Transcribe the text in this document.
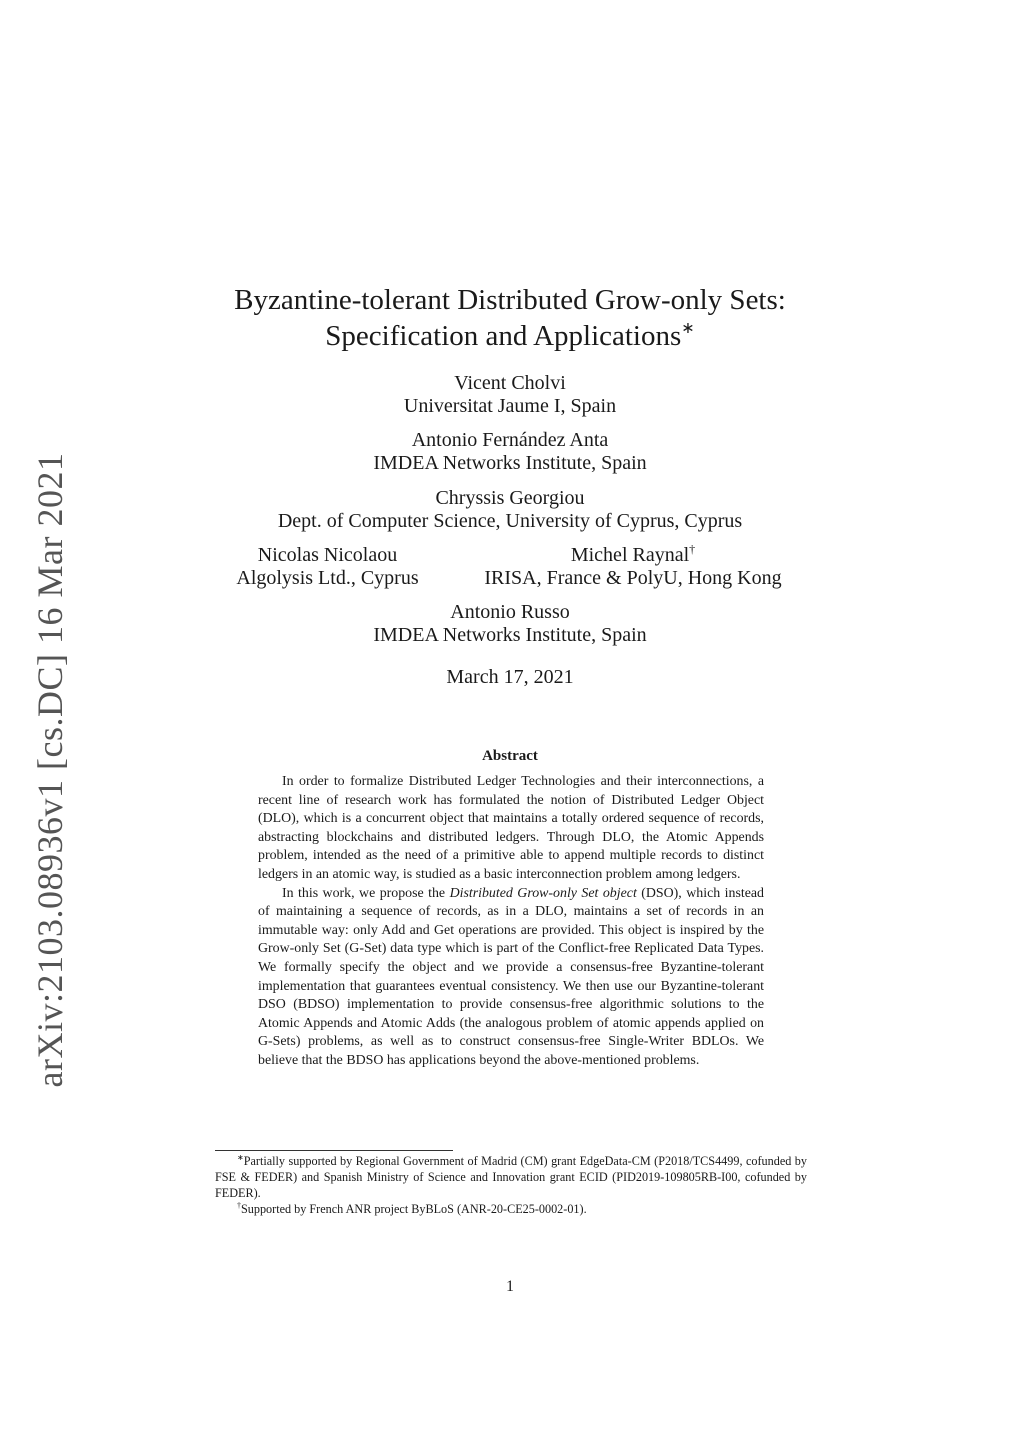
arXiv:2103.08936v1 [cs.DC] 16 Mar 2021
Byzantine-tolerant Distributed Grow-only Sets:
Specification and Applications∗
Vicent Cholvi
Universitat Jaume I, Spain
Antonio Fernández Anta
IMDEA Networks Institute, Spain
Chryssis Georgiou
Dept. of Computer Science, University of Cyprus, Cyprus
Nicolas Nicolaou
Algolysis Ltd., Cyprus
Michel Raynal†
IRISA, France & PolyU, Hong Kong
Antonio Russo
IMDEA Networks Institute, Spain
March 17, 2021
Abstract

In order to formalize Distributed Ledger Technologies and their interconnections, a recent line of research work has formulated the notion of Distributed Ledger Object (DLO), which is a concurrent object that maintains a totally ordered sequence of records, abstracting blockchains and distributed ledgers. Through DLO, the Atomic Appends problem, intended as the need of a primitive able to append multiple records to distinct ledgers in an atomic way, is studied as a basic interconnection problem among ledgers.

In this work, we propose the Distributed Grow-only Set object (DSO), which instead of maintaining a sequence of records, as in a DLO, maintains a set of records in an immutable way: only Add and Get operations are provided. This object is inspired by the Grow-only Set (G-Set) data type which is part of the Conflict-free Replicated Data Types. We formally specify the object and we provide a consensus-free Byzantine-tolerant implementation that guarantees eventual consistency. We then use our Byzantine-tolerant DSO (BDSO) implementation to provide consensus-free algorithmic solutions to the Atomic Appends and Atomic Adds (the analogous problem of atomic appends applied on G-Sets) problems, as well as to construct consensus-free Single-Writer BDLOs. We believe that the BDSO has applications beyond the above-mentioned problems.

∗Partially supported by Regional Government of Madrid (CM) grant EdgeData-CM (P2018/TCS4499, cofunded by FSE & FEDER) and Spanish Ministry of Science and Innovation grant ECID (PID2019-109805RB-I00, cofunded by FEDER).

†Supported by French ANR project ByBLoS (ANR-20-CE25-0002-01).

1
